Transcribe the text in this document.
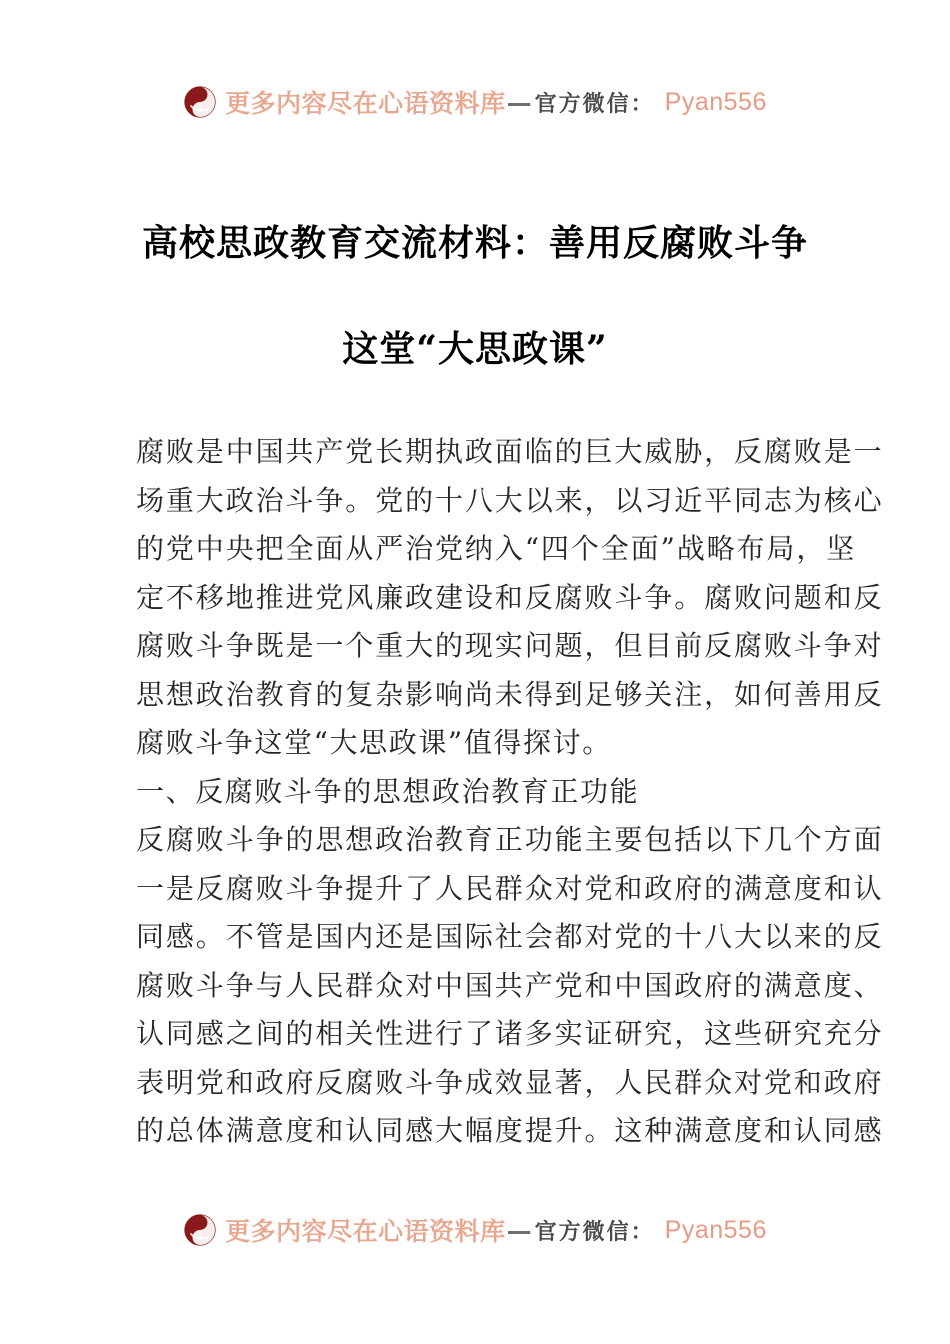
更多内容尽在心语资料库 — 官方微信： Pyan556
高校思政教育交流材料：善用反腐败斗争
这堂“大思政课”
腐败是中国共产党长期执政面临的巨大威胁，反腐败是一
场重大政治斗争。党的十八大以来，以习近平同志为核心
的党中央把全面从严治党纳入“四个全面”战略布局，坚
定不移地推进党风廉政建设和反腐败斗争。腐败问题和反
腐败斗争既是一个重大的现实问题，但目前反腐败斗争对
思想政治教育的复杂影响尚未得到足够关注，如何善用反
腐败斗争这堂“大思政课”值得探讨。
一、反腐败斗争的思想政治教育正功能
反腐败斗争的思想政治教育正功能主要包括以下几个方面
一是反腐败斗争提升了人民群众对党和政府的满意度和认
同感。不管是国内还是国际社会都对党的十八大以来的反
腐败斗争与人民群众对中国共产党和中国政府的满意度、
认同感之间的相关性进行了诸多实证研究，这些研究充分
表明党和政府反腐败斗争成效显著，人民群众对党和政府
的总体满意度和认同感大幅度提升。这种满意度和认同感
更多内容尽在心语资料库 — 官方微信： Pyan556
